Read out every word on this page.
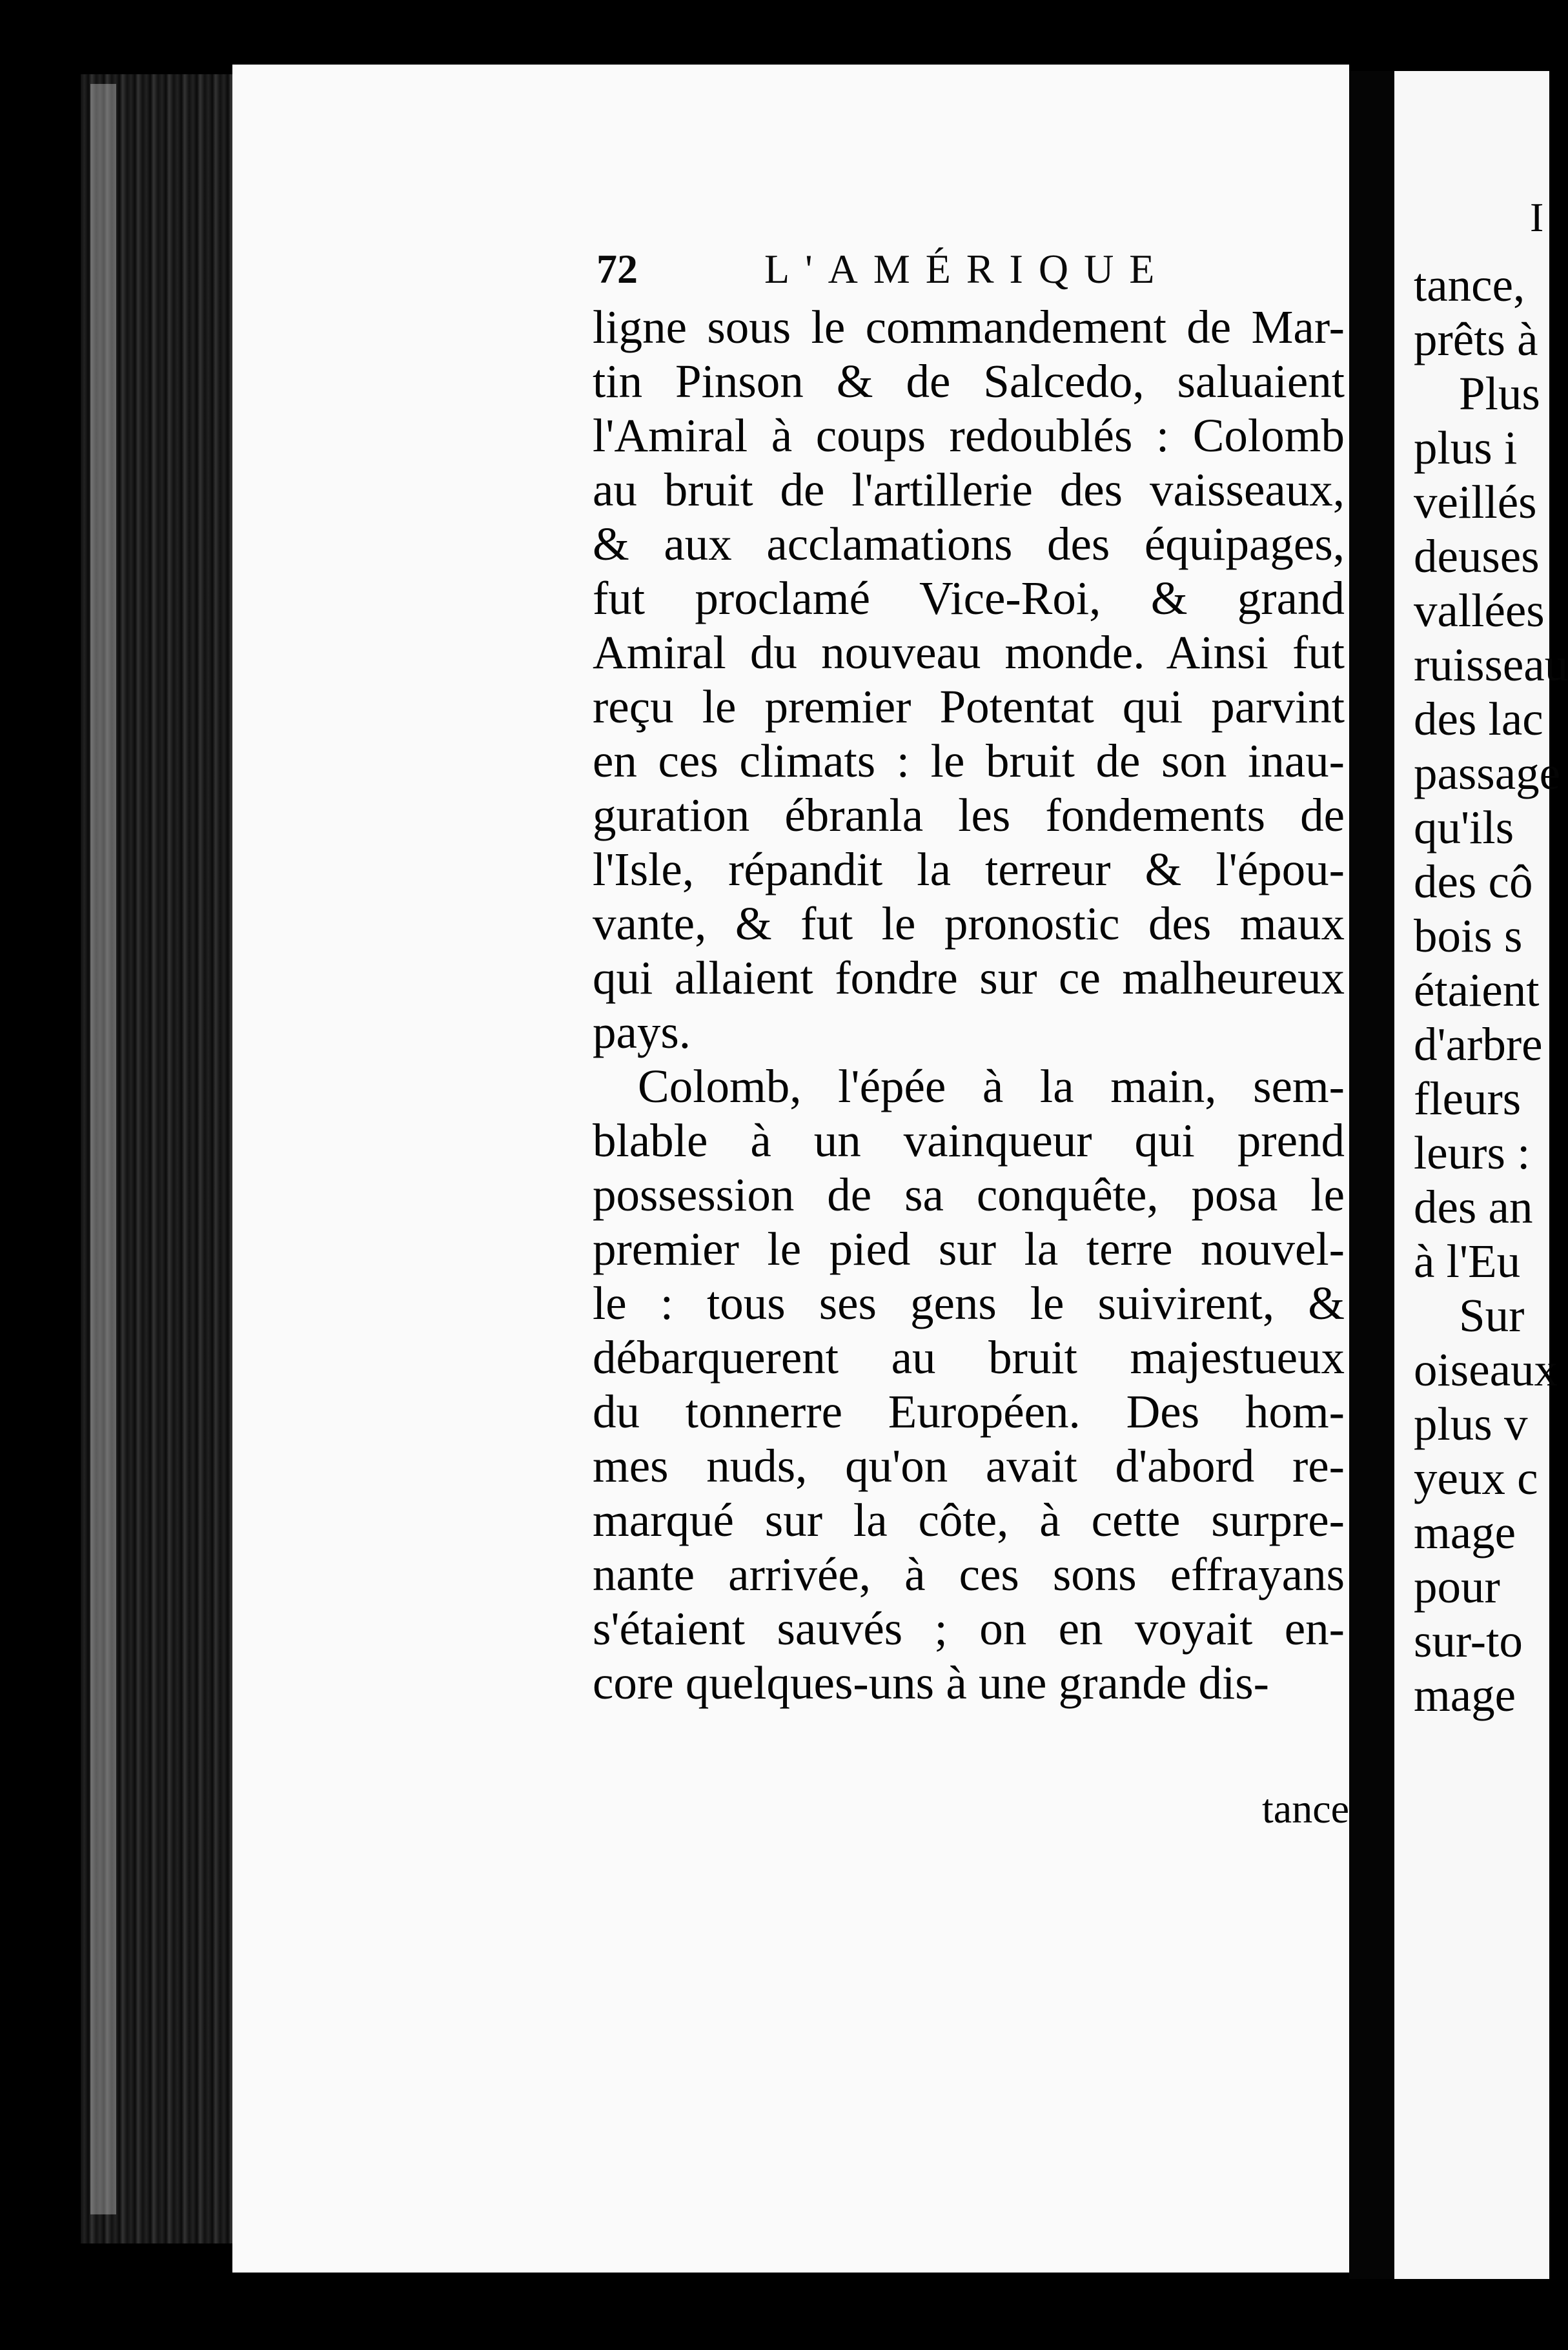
72	L'AMÉRIQUE
ligne sous le commandement de Mar-
tin Pinson & de Salcedo, saluaient
l'Amiral à coups redoublés : Colomb
au bruit de l'artillerie des vaisseaux,
& aux acclamations des équipages,
fut proclamé Vice-Roi, & grand
Amiral du nouveau monde. Ainsi fut
reçu le premier Potentat qui parvint
en ces climats : le bruit de son inau-
guration ébranla les fondements de
l'Isle, répandit la terreur & l'épou-
vante, & fut le pronostic des maux
qui allaient fondre sur ce malheureux
pays.
Colomb, l'épée à la main, sem-
blable à un vainqueur qui prend
possession de sa conquête, posa le
premier le pied sur la terre nouvel-
le : tous ses gens le suivirent, &
débarquerent au bruit majestueux
du tonnerre Européen. Des hom-
mes nuds, qu'on avait d'abord re-
marqué sur la côte, à cette surpre-
nante arrivée, à ces sons effrayans
s'étaient sauvés ; on en voyait en-
core quelques-uns à une grande dis-
tance
I
tance,
prêts à
Plus
plus i
veillés
deuses
vallées
ruisseau
des lac
passage
qu'ils
des cô
bois s
étaient
d'arbre
fleurs
leurs :
des an
à l'Eu
Sur
oiseaux
plus v
yeux c
mage
pour
sur-to
mage
